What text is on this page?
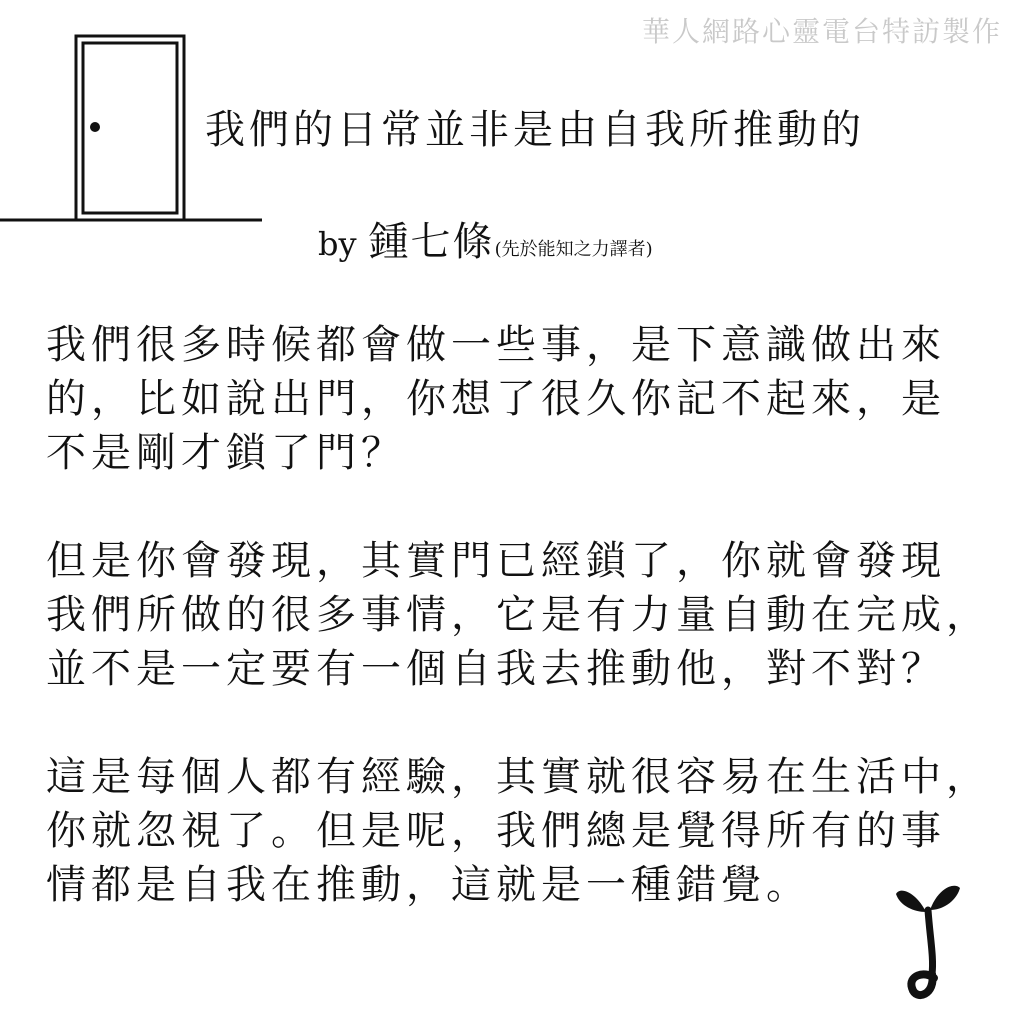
華人網路心靈電台特訪製作
我們的日常並非是由自我所推動的
by 鍾七條(先於能知之力譯者)
我們很多時候都會做一些事，是下意識做出來
的，比如說出門，你想了很久你記不起來，是
不是剛才鎖了門？
但是你會發現，其實門已經鎖了，你就會發現
我們所做的很多事情，它是有力量自動在完成，
並不是一定要有一個自我去推動他，對不對？
這是每個人都有經驗，其實就很容易在生活中，
你就忽視了。但是呢，我們總是覺得所有的事
情都是自我在推動，這就是一種錯覺。
